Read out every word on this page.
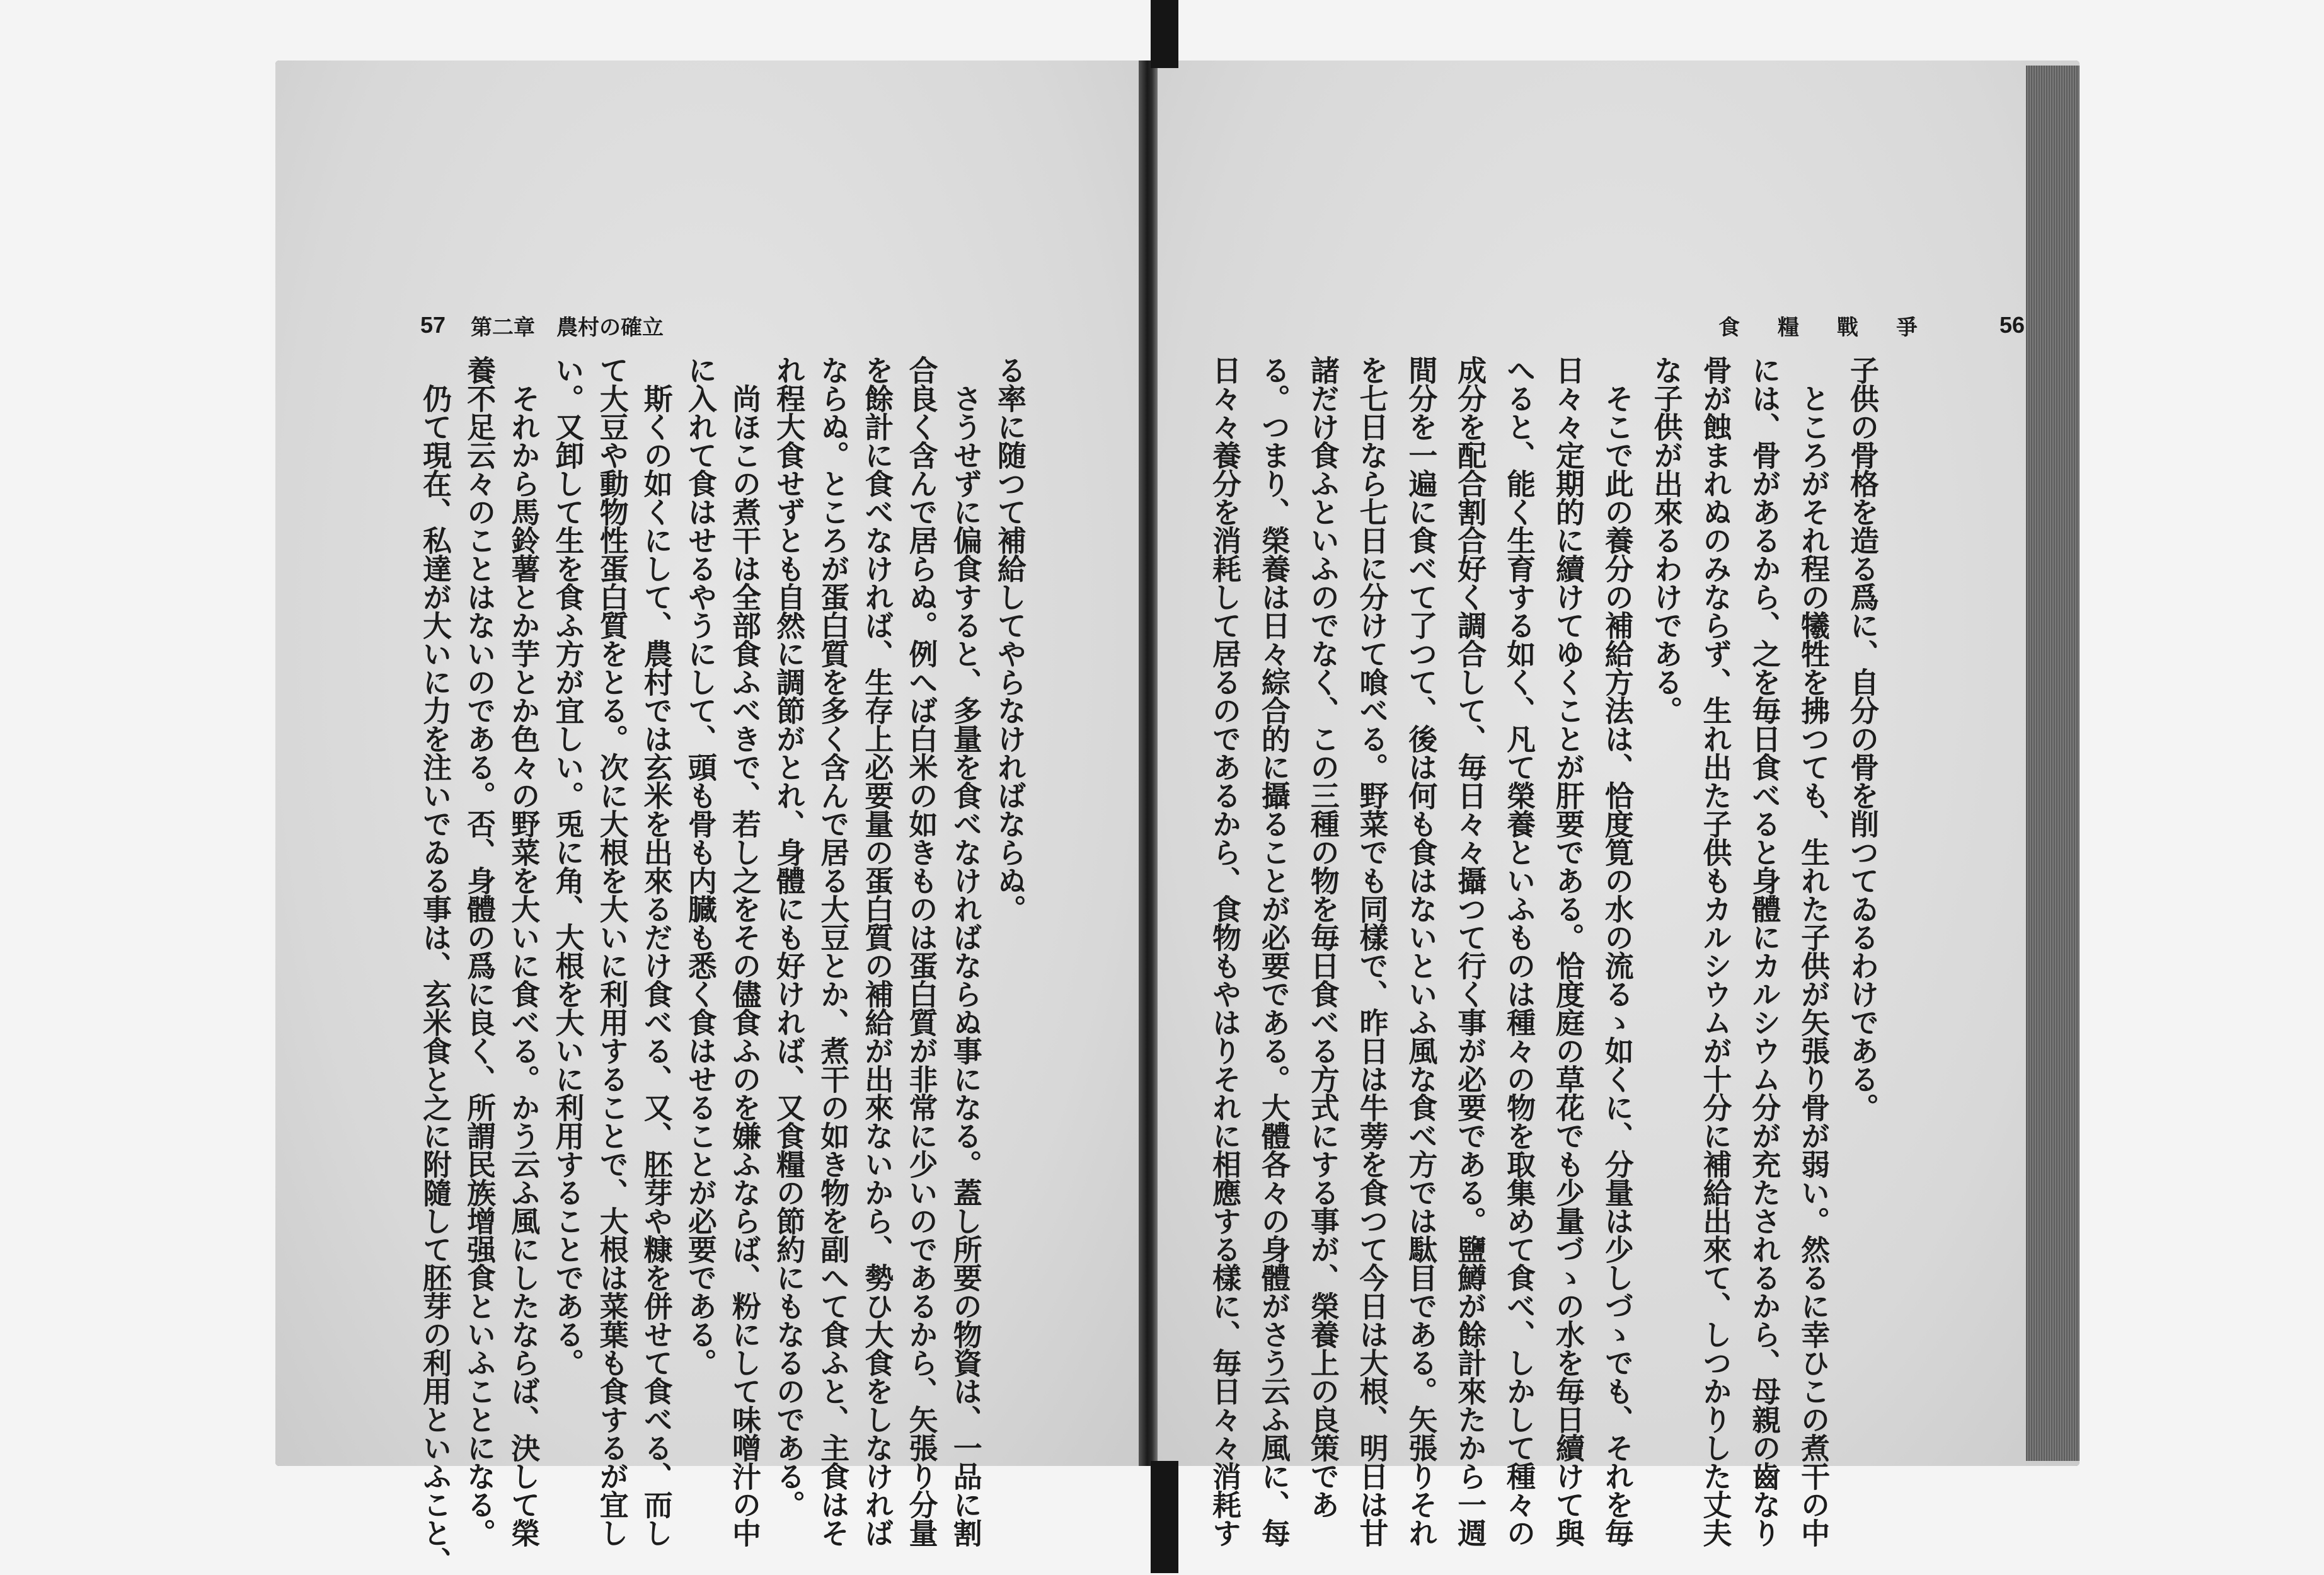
57 第二章　農村の確立
る率に随つて補給してやらなければならぬ。
　さうせずに偏食すると、多量を食べなければならぬ事になる。蓋し所要の物資は、一品に割
合良く含んで居らぬ。例へば白米の如きものは蛋白質が非常に少いのであるから、矢張り分量
を餘計に食べなければ、生存上必要量の蛋白質の補給が出來ないから、勢ひ大食をしなければ
ならぬ。ところが蛋白質を多く含んで居る大豆とか、煮干の如き物を副へて食ふと、主食はそ
れ程大食せずとも自然に調節がとれ、身體にも好ければ、又食糧の節約にもなるのである。
　尚ほこの煮干は全部食ふべきで、若し之をその儘食ふのを嫌ふならば、粉にして味噌汁の中
に入れて食はせるやうにして、頭も骨も内臓も悉く食はせることが必要である。
　斯くの如くにして、農村では玄米を出來るだけ食べる、又、胚芽や糠を併せて食べる、而し
て大豆や動物性蛋白質をとる。次に大根を大いに利用することで、大根は菜葉も食するが宜し
い。又卸して生を食ふ方が宜しい。兎に角、大根を大いに利用することである。
　それから馬鈴薯とか芋とか色々の野菜を大いに食べる。かう云ふ風にしたならば、決して榮
養不足云々のことはないのである。否、身體の爲に良く、所謂民族增强食といふことになる。
　仍て現在、私達が大いに力を注いでゐる事は、玄米食と之に附隨して胚芽の利用といふこと、
食糧戰爭 56
子供の骨格を造る爲に、自分の骨を削つてゐるわけである。
　ところがそれ程の犧牲を拂つても、生れた子供が矢張り骨が弱い。然るに幸ひこの煮干の中
には、骨があるから、之を毎日食べると身體にカルシウム分が充たされるから、母親の齒なり
骨が蝕まれぬのみならず、生れ出た子供もカルシウムが十分に補給出來て、しつかりした丈夫
な子供が出來るわけである。
　そこで此の養分の補給方法は、恰度筧の水の流るゝ如くに、分量は少しづゝでも、それを毎
日々々定期的に續けてゆくことが肝要である。恰度庭の草花でも少量づゝの水を毎日續けて與
へると、能く生育する如く、凡て榮養といふものは種々の物を取集めて食べ、しかして種々の
成分を配合割合好く調合して、毎日々々攝つて行く事が必要である。鹽鱒が餘計來たから一週
間分を一遍に食べて了つて、後は何も食はないといふ風な食べ方では駄目である。矢張りそれ
を七日なら七日に分けて喰べる。野菜でも同樣で、昨日は牛蒡を食つて今日は大根、明日は甘
諸だけ食ふといふのでなく、この三種の物を毎日食べる方式にする事が、榮養上の良策であ
る。つまり、榮養は日々綜合的に攝ることが必要である。大體各々の身體がさう云ふ風に、每
日々々養分を消耗して居るのであるから、食物もやはりそれに相應する樣に、毎日々々消耗す
